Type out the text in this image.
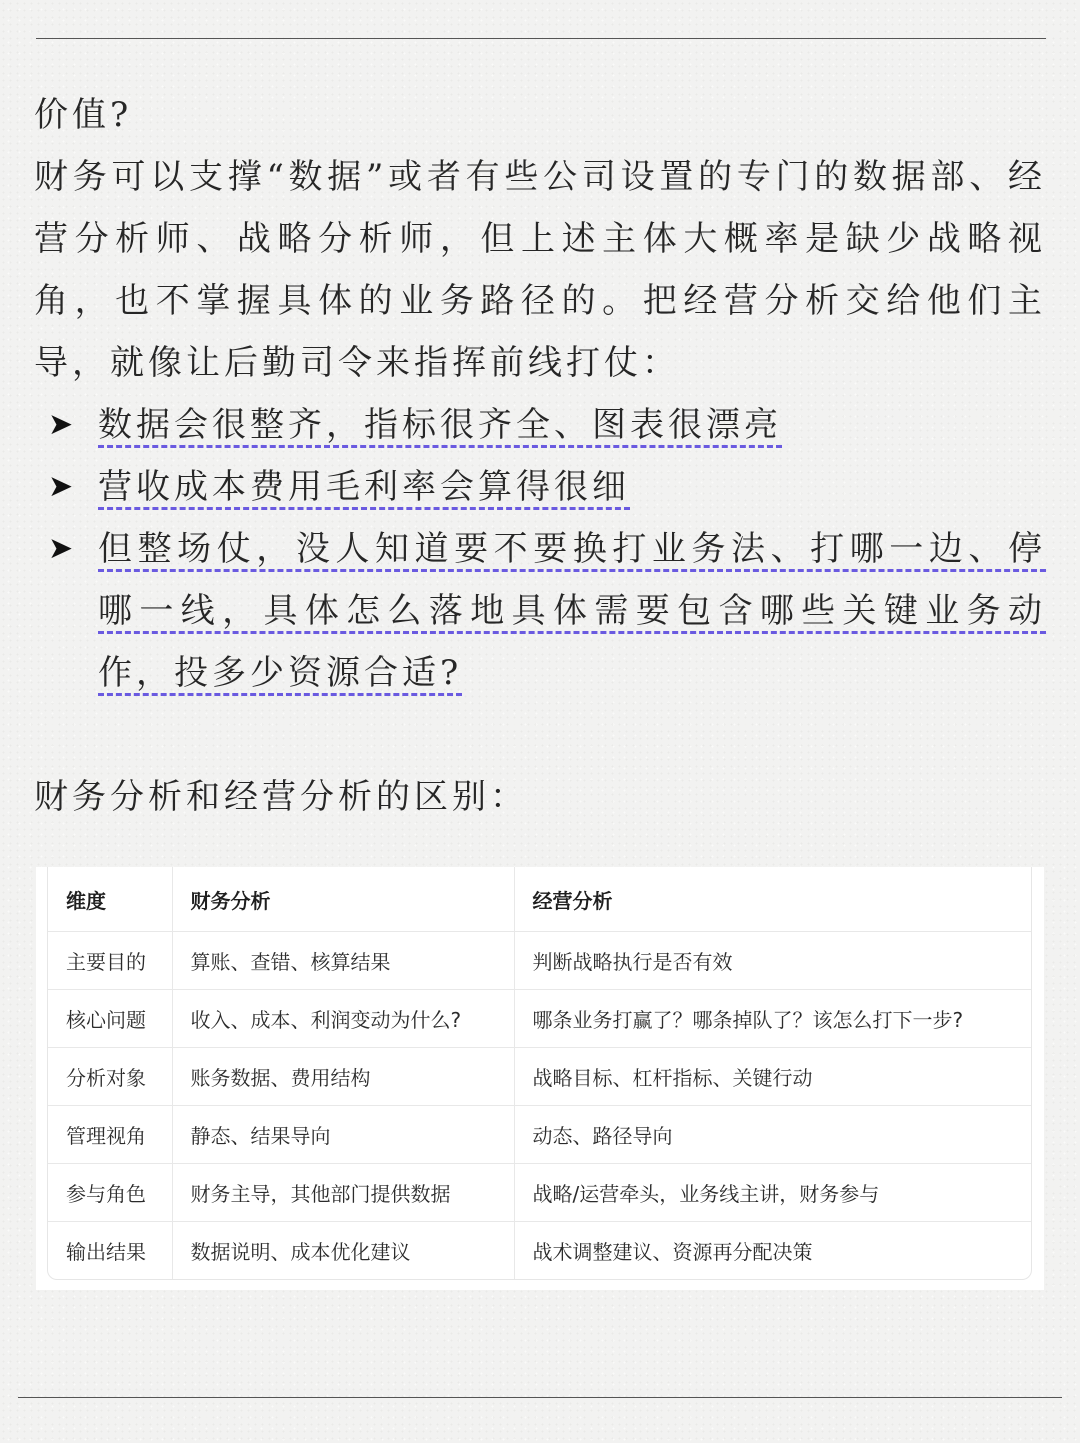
价值?

财务可以支撑“数据”或者有些公司设置的专门的数据部、经营分析师、战略分析师，但上述主体大概率是缺少战略视角，也不掌握具体的业务路径的。把经营分析交给他们主导，就像让后勤司令来指挥前线打仗：

➤ 数据会很整齐，指标很齐全、图表很漂亮
➤ 营收成本费用毛利率会算得很细
➤ 但整场仗，没人知道要不要换打业务法、打哪一边、停哪一线，具体怎么落地具体需要包含哪些关键业务动作，投多少资源合适?
财务分析和经营分析的区别：
维度	财务分析	经营分析
主要目的	算账、查错、核算结果	判断战略执行是否有效
核心问题	收入、成本、利润变动为什么?	哪条业务打赢了？哪条掉队了？该怎么打下一步?
分析对象	账务数据、费用结构	战略目标、杠杆指标、关键行动
管理视角	静态、结果导向	动态、路径导向
参与角色	财务主导，其他部门提供数据	战略/运营牵头，业务线主讲，财务参与
输出结果	数据说明、成本优化建议	战术调整建议、资源再分配决策
